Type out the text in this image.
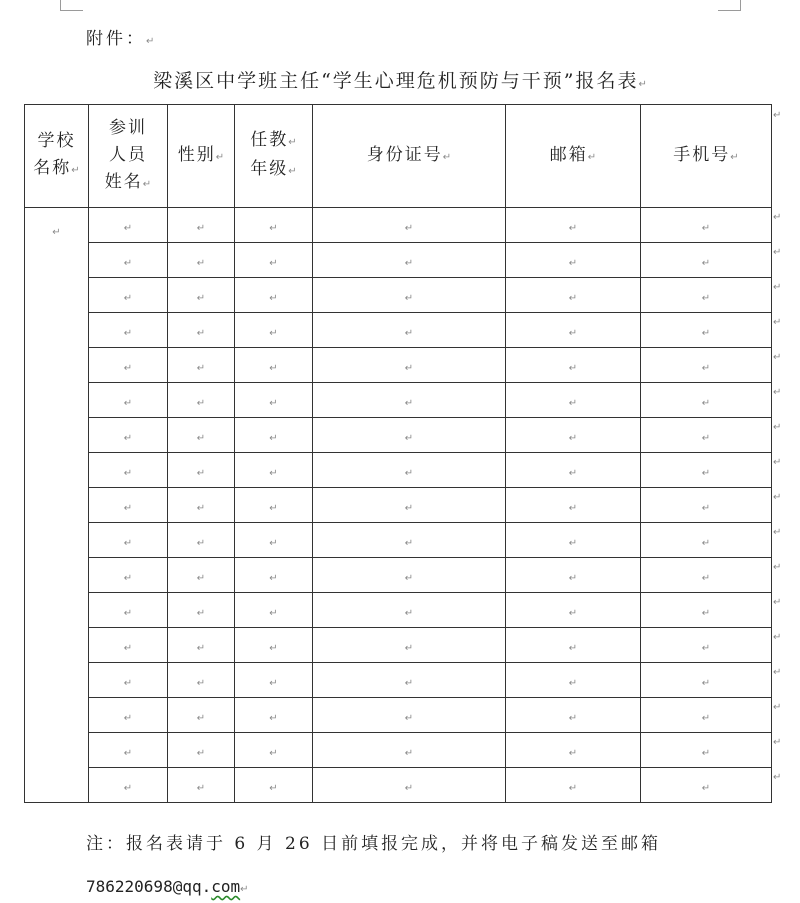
附件：↵
梁溪区中学班主任“学生心理危机预防与干预”报名表↵
学校
名称↵	参训
人员
姓名↵	性别↵	任教↵
年级↵	身份证号↵	邮箱↵	手机号↵
↵	↵	↵	↵	↵	↵	↵
	↵	↵	↵	↵	↵	↵
	↵	↵	↵	↵	↵	↵
	↵	↵	↵	↵	↵	↵
	↵	↵	↵	↵	↵	↵
	↵	↵	↵	↵	↵	↵
	↵	↵	↵	↵	↵	↵
	↵	↵	↵	↵	↵	↵
	↵	↵	↵	↵	↵	↵
	↵	↵	↵	↵	↵	↵
	↵	↵	↵	↵	↵	↵
	↵	↵	↵	↵	↵	↵
	↵	↵	↵	↵	↵	↵
	↵	↵	↵	↵	↵	↵
	↵	↵	↵	↵	↵	↵
	↵	↵	↵	↵	↵	↵
	↵	↵	↵	↵	↵	↵
↵
↵
↵
↵
↵
↵
↵
↵
↵
↵
↵
↵
↵
↵
↵
↵
↵
↵
注：报名表请于 6 月 26 日前填报完成，并将电子稿发送至邮箱
786220698@qq.com↵
